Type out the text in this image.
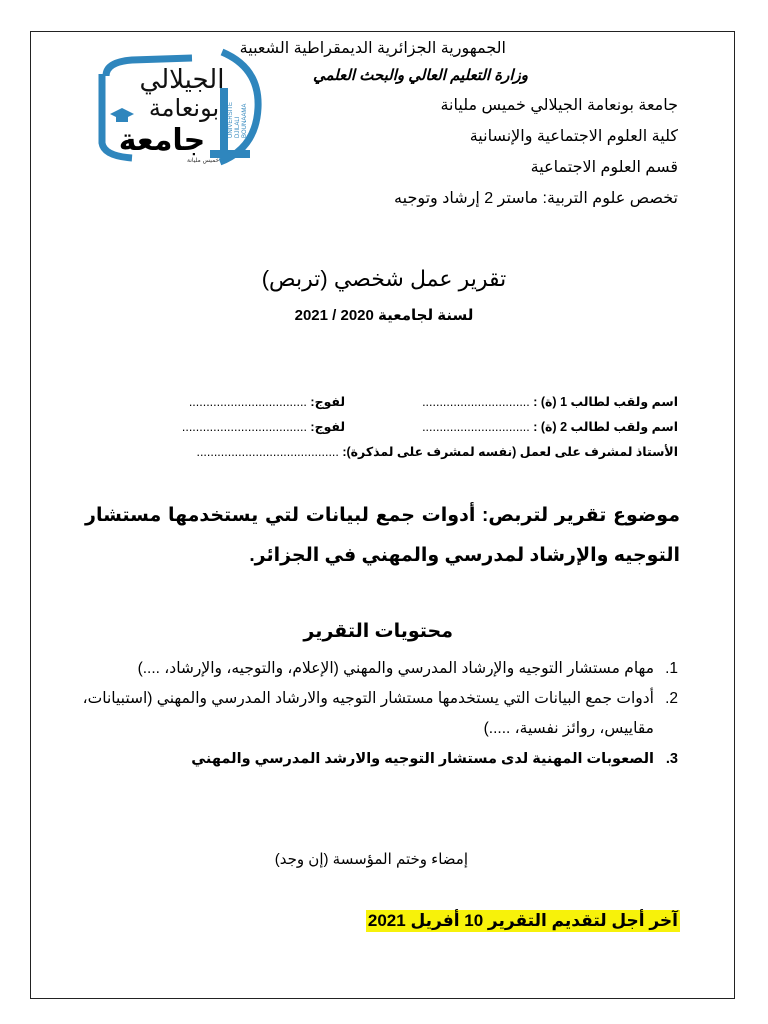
الجيلالي
بونعامة
جامعة
UNIVERSITE DJILALI BOUNAAMA
خميس مليانة
الجمهورية الجزائرية الديمقراطية الشعبية
وزارة التعليم العالي والبحث العلمي
جامعة بونعامة الجيلالي خميس مليانة
كلية العلوم الاجتماعية والإنسانية
قسم العلوم الاجتماعية
تخصص علوم التربية: ماستر 2 إرشاد وتوجيه
تقرير عمل شخصي (تربص)
لسنة لجامعية 2020 / 2021
اسم ولقب لطالب 1 (ة) : ...............................  لفوج: ..................................
اسم ولقب لطالب 2 (ة) : ...............................  لفوج: ....................................
الأستاذ لمشرف على لعمل (نفسه لمشرف على لمذكرة): .........................................
موضوع تقرير لتربص: أدوات جمع لبيانات لتي يستخدمها مستشار التوجيه والإرشاد لمدرسي والمهني في الجزائر.
محتويات التقرير
1.
مهام مستشار التوجيه والإرشاد المدرسي والمهني (الإعلام، والتوجيه، والإرشاد، ....)
2.
أدوات جمع البيانات التي يستخدمها مستشار التوجيه والارشاد المدرسي والمهني (استبيانات، مقاييس، روائز نفسية، .....)
3.
الصعوبات المهنية لدى مستشار التوجيه والارشد المدرسي والمهني
إمضاء وختم المؤسسة (إن وجد)
آخر أجل لتقديم التقرير 10 أفريل 2021
